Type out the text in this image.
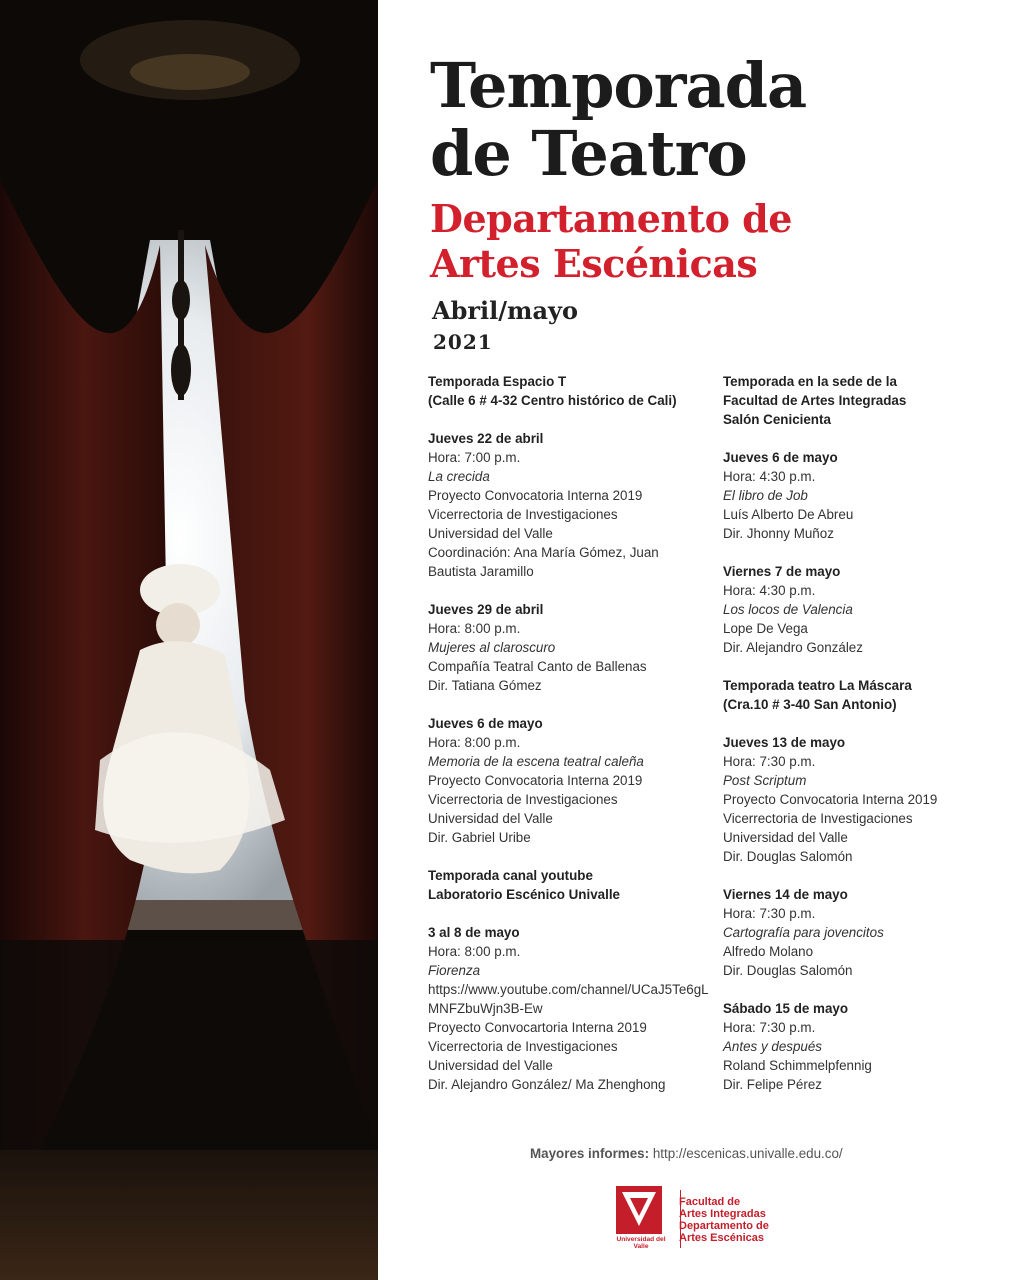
Temporada
de Teatro
Departamento de
Artes Escénicas
Abril/mayo
2021
Temporada Espacio T
(Calle 6 # 4-32 Centro histórico de Cali)
Jueves 22 de abril
Hora: 7:00 p.m.
La crecida
Proyecto Convocatoria Interna 2019
Vicerrectoria de Investigaciones
Universidad del Valle
Coordinación: Ana María Gómez, Juan
Bautista Jaramillo
Jueves 29 de abril
Hora: 8:00 p.m.
Mujeres al claroscuro
Compañía Teatral Canto de Ballenas
Dir. Tatiana Gómez
Jueves 6 de mayo
Hora: 8:00 p.m.
Memoria de la escena teatral caleña
Proyecto Convocatoria Interna 2019
Vicerrectoria de Investigaciones
Universidad del Valle
Dir. Gabriel Uribe
Temporada canal youtube
Laboratorio Escénico Univalle
3 al 8 de mayo
Hora: 8:00 p.m.
Fiorenza
https://www.youtube.com/channel/UCaJ5Te6gL
MNFZbuWjn3B-Ew
Proyecto Convocartoria Interna 2019
Vicerrectoria de Investigaciones
Universidad del Valle
Dir. Alejandro González/ Ma Zhenghong
Temporada en la sede de la
Facultad de Artes Integradas
Salón Cenicienta
Jueves 6 de mayo
Hora: 4:30 p.m.
El libro de Job
Luís Alberto De Abreu
Dir. Jhonny Muñoz
Viernes 7 de mayo
Hora: 4:30 p.m.
Los locos de Valencia
Lope De Vega
Dir. Alejandro González
Temporada teatro La Máscara
(Cra.10 # 3-40 San Antonio)
Jueves 13 de mayo
Hora: 7:30 p.m.
Post Scriptum
Proyecto Convocatoria Interna 2019
Vicerrectoria de Investigaciones
Universidad del Valle
Dir. Douglas Salomón
Viernes 14 de mayo
Hora: 7:30 p.m.
Cartografía para jovencitos
Alfredo Molano
Dir. Douglas Salomón
Sábado 15 de mayo
Hora: 7:30 p.m.
Antes y después
Roland Schimmelpfennig
Dir. Felipe Pérez
Mayores informes: http://escenicas.univalle.edu.co/
Universidad del Valle
Facultad de
Artes Integradas
Departamento de
Artes Escénicas
